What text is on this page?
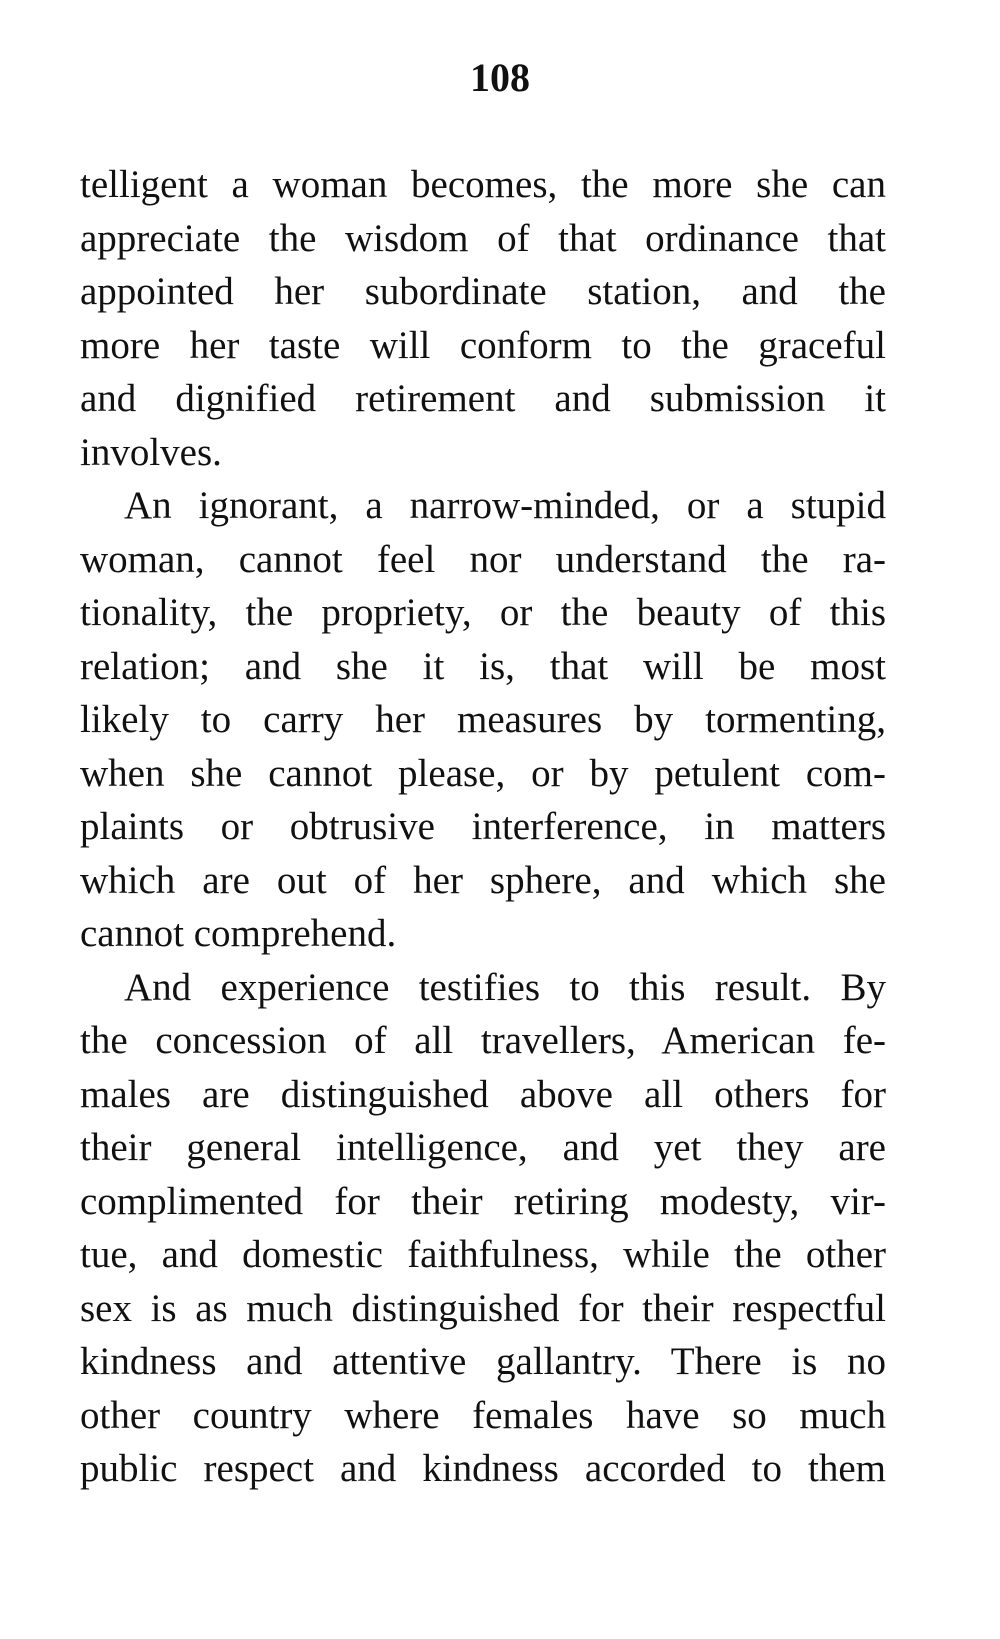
108
telligent a woman becomes, the more she can
appreciate the wisdom of that ordinance that
appointed her subordinate station, and the
more her taste will conform to the graceful
and dignified retirement and submission it
involves.
An ignorant, a narrow-minded, or a stupid
woman, cannot feel nor understand the ra-
tionality, the propriety, or the beauty of this
relation; and she it is, that will be most
likely to carry her measures by tormenting,
when she cannot please, or by petulent com-
plaints or obtrusive interference, in matters
which are out of her sphere, and which she
cannot comprehend.
And experience testifies to this result. By
the concession of all travellers, American fe-
males are distinguished above all others for
their general intelligence, and yet they are
complimented for their retiring modesty, vir-
tue, and domestic faithfulness, while the other
sex is as much distinguished for their respectful
kindness and attentive gallantry. There is no
other country where females have so much
public respect and kindness accorded to them
